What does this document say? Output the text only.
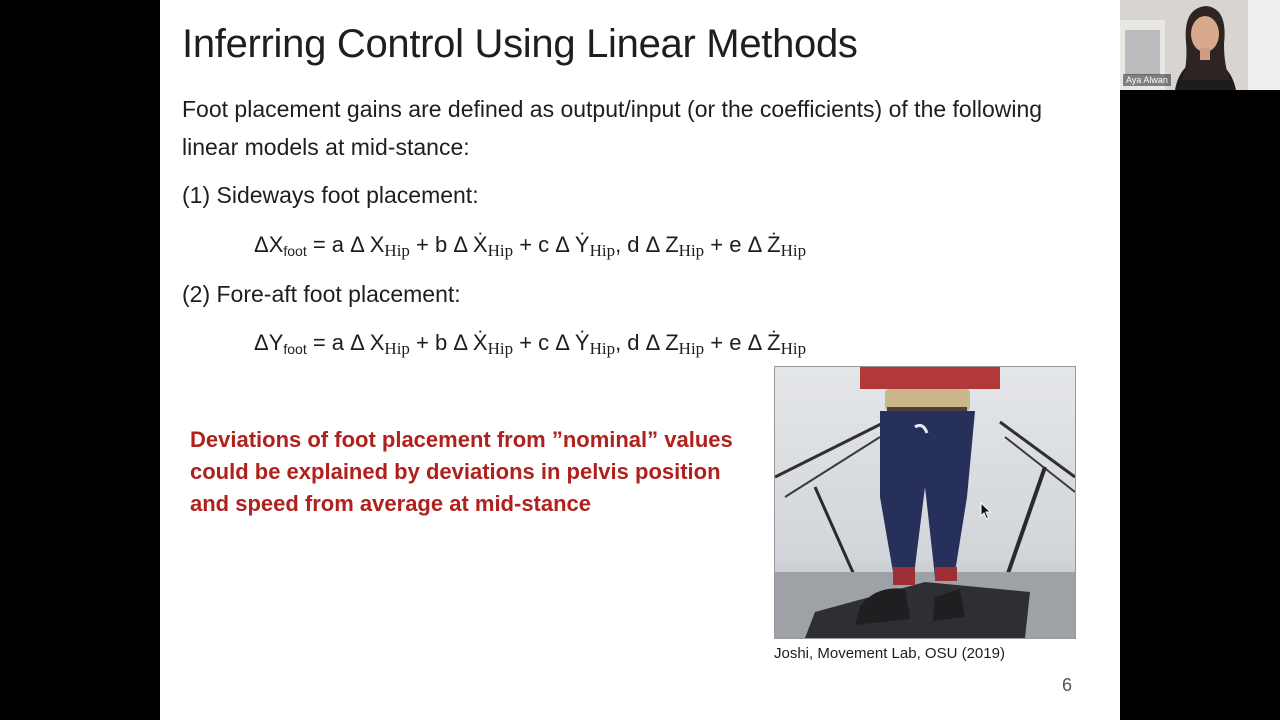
Inferring Control Using Linear Methods
Foot placement gains are defined as output/input (or the coefficients) of the following linear models at mid-stance:
(1) Sideways foot placement:
ΔXfoot = a Δ XHip + b Δ ẊHip + c Δ ẎHip, d Δ ZHip + e Δ ŻHip
(2) Fore-aft foot placement:
ΔYfoot = a Δ XHip + b Δ ẊHip + c Δ ẎHip, d Δ ZHip + e Δ ŻHip
Deviations of foot placement from ”nominal” values could be explained by deviations in pelvis position and speed from average at mid-stance
Joshi, Movement Lab, OSU (2019)
6
Aya Alwan
